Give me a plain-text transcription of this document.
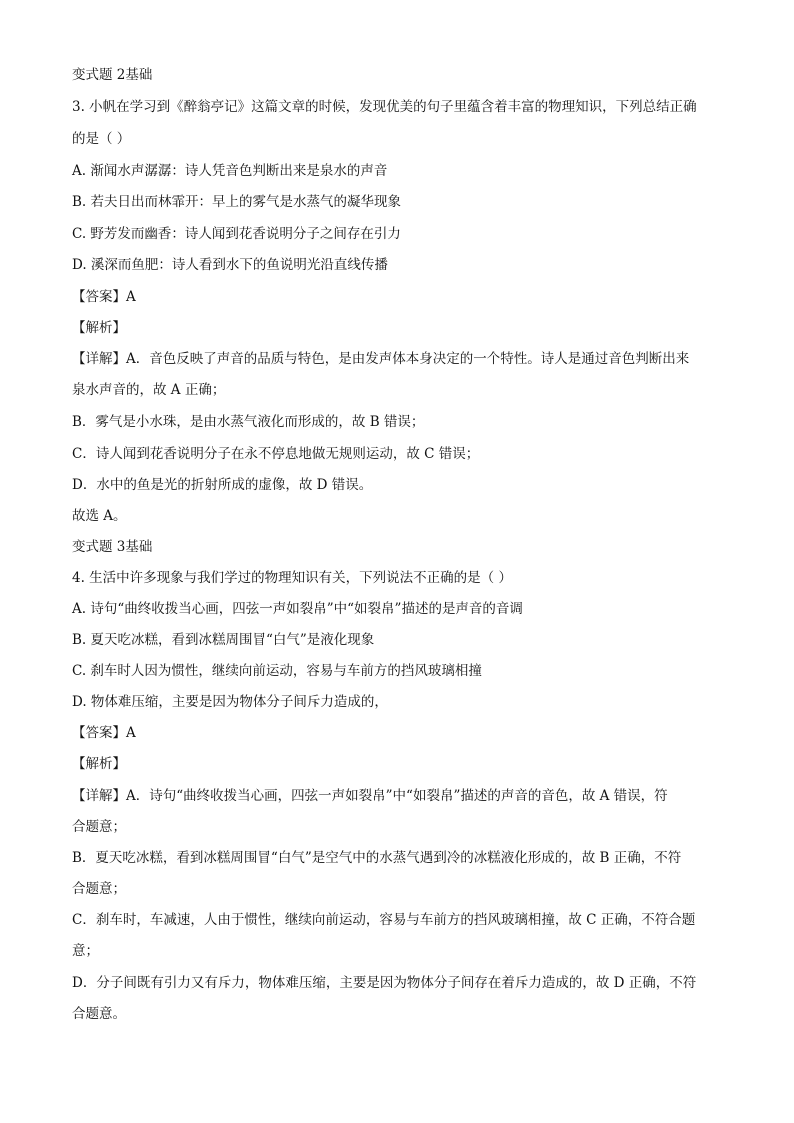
变式题 2基础
3. 小帆在学习到《醉翁亭记》这篇文章的时候，发现优美的句子里蕴含着丰富的物理知识，下列总结正确
的是（ ）
A. 渐闻水声潺潺：诗人凭音色判断出来是泉水的声音
B. 若夫日出而林霏开：早上的雾气是水蒸气的凝华现象
C. 野芳发而幽香：诗人闻到花香说明分子之间存在引力
D. 溪深而鱼肥：诗人看到水下的鱼说明光沿直线传播
【答案】A
【解析】
【详解】A．音色反映了声音的品质与特色，是由发声体本身决定的一个特性。诗人是通过音色判断出来
泉水声音的，故 A 正确；
B．雾气是小水珠，是由水蒸气液化而形成的，故 B 错误；
C．诗人闻到花香说明分子在永不停息地做无规则运动，故 C 错误；
D．水中的鱼是光的折射所成的虚像，故 D 错误。
故选 A。
变式题 3基础
4. 生活中许多现象与我们学过的物理知识有关，下列说法不正确的是（ ）
A. 诗句“曲终收拨当心画，四弦一声如裂帛”中“如裂帛”描述的是声音的音调
B. 夏天吃冰糕，看到冰糕周围冒“白气”是液化现象
C. 刹车时人因为惯性，继续向前运动，容易与车前方的挡风玻璃相撞
D. 物体难压缩，主要是因为物体分子间斥力造成的，
【答案】A
【解析】
【详解】A．诗句“曲终收拨当心画，四弦一声如裂帛”中“如裂帛”描述的声音的音色，故 A 错误，符
合题意；
B．夏天吃冰糕，看到冰糕周围冒“白气”是空气中的水蒸气遇到冷的冰糕液化形成的，故 B 正确，不符
合题意；
C．刹车时，车减速，人由于惯性，继续向前运动，容易与车前方的挡风玻璃相撞，故 C 正确，不符合题
意；
D．分子间既有引力又有斥力，物体难压缩，主要是因为物体分子间存在着斥力造成的，故 D 正确，不符
合题意。
